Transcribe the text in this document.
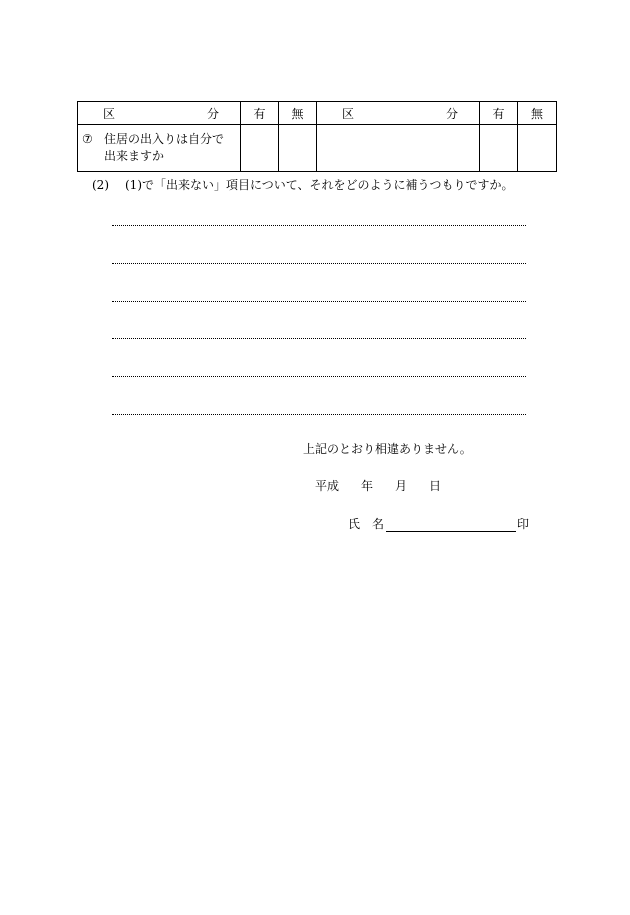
区 分	有	無	区 分	有	無

⑦ 住居の出入りは自分で
出来ますか					

(2) (1)で「出来ない」項目について、それをどのように補うつもりですか。
上記のとおり相違ありません。
平成 年 月 日
氏　名	印
